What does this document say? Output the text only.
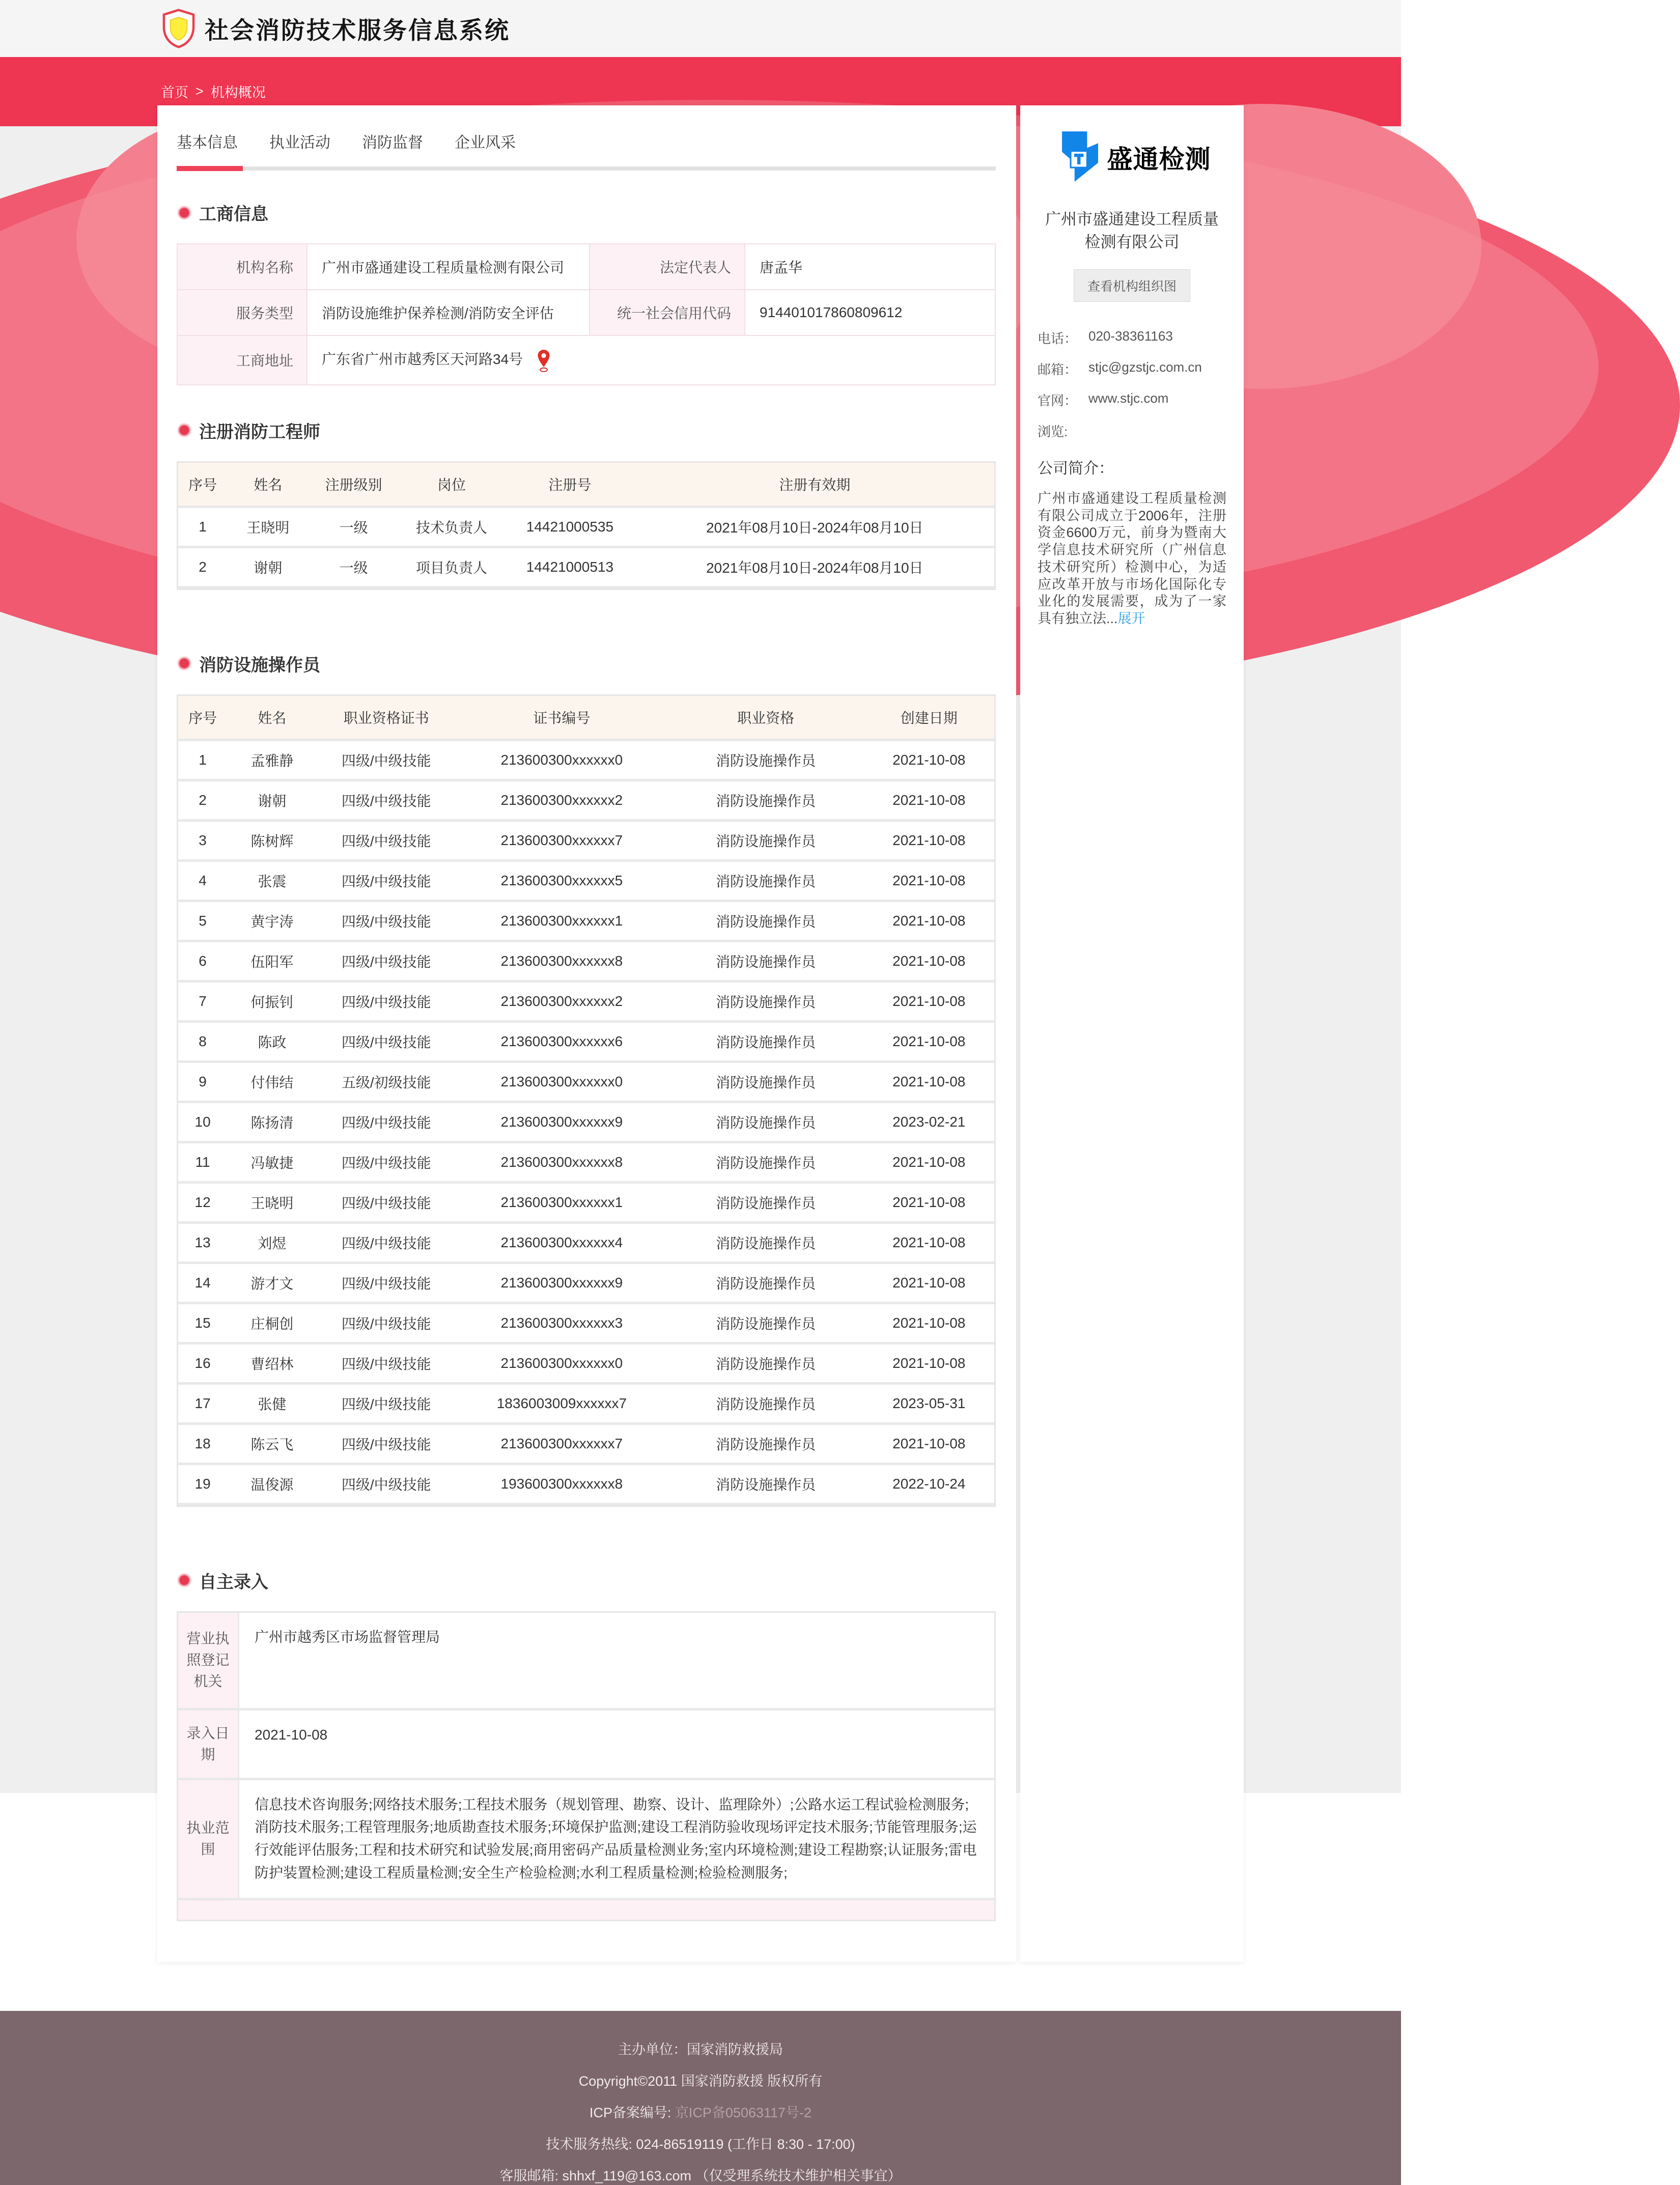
社会消防技术服务信息系统
首页 > 机构概况
基本信息 执业活动 消防监督 企业风采
工商信息
机构名称	广州市盛通建设工程质量检测有限公司	法定代表人	唐孟华
服务类型	消防设施维护保养检测/消防安全评估	统一社会信用代码	914401017860809612
工商地址	广东省广州市越秀区天河路34号		
注册消防工程师
序号	姓名	注册级别	岗位	注册号	注册有效期
1	王晓明	一级	技术负责人	14421000535	2021年08月10日-2024年08月10日
2	谢朝	一级	项目负责人	14421000513	2021年08月10日-2024年08月10日
消防设施操作员
序号	姓名	职业资格证书	证书编号	职业资格	创建日期
1	孟雅静	四级/中级技能	213600300xxxxxx0	消防设施操作员	2021-10-08
2	谢朝	四级/中级技能	213600300xxxxxx2	消防设施操作员	2021-10-08
3	陈树辉	四级/中级技能	213600300xxxxxx7	消防设施操作员	2021-10-08
4	张震	四级/中级技能	213600300xxxxxx5	消防设施操作员	2021-10-08
5	黄宇涛	四级/中级技能	213600300xxxxxx1	消防设施操作员	2021-10-08
6	伍阳军	四级/中级技能	213600300xxxxxx8	消防设施操作员	2021-10-08
7	何振钊	四级/中级技能	213600300xxxxxx2	消防设施操作员	2021-10-08
8	陈政	四级/中级技能	213600300xxxxxx6	消防设施操作员	2021-10-08
9	付伟结	五级/初级技能	213600300xxxxxx0	消防设施操作员	2021-10-08
10	陈扬清	四级/中级技能	213600300xxxxxx9	消防设施操作员	2023-02-21
11	冯敏捷	四级/中级技能	213600300xxxxxx8	消防设施操作员	2021-10-08
12	王晓明	四级/中级技能	213600300xxxxxx1	消防设施操作员	2021-10-08
13	刘煜	四级/中级技能	213600300xxxxxx4	消防设施操作员	2021-10-08
14	游才文	四级/中级技能	213600300xxxxxx9	消防设施操作员	2021-10-08
15	庄桐创	四级/中级技能	213600300xxxxxx3	消防设施操作员	2021-10-08
16	曹绍林	四级/中级技能	213600300xxxxxx0	消防设施操作员	2021-10-08
17	张健	四级/中级技能	1836003009xxxxxx7	消防设施操作员	2023-05-31
18	陈云飞	四级/中级技能	213600300xxxxxx7	消防设施操作员	2021-10-08
19	温俊源	四级/中级技能	193600300xxxxxx8	消防设施操作员	2022-10-24
自主录入
营业执照登记机关	广州市越秀区市场监督管理局
录入日期	2021-10-08
执业范围	信息技术咨询服务;网络技术服务;工程技术服务（规划管理、勘察、设计、监理除外）;公路水运工程试验检测服务;消防技术服务;工程管理服务;地质勘查技术服务;环境保护监测;建设工程消防验收现场评定技术服务;节能管理服务;运行效能评估服务;工程和技术研究和试验发展;商用密码产品质量检测业务;室内环境检测;建设工程勘察;认证服务;雷电防护装置检测;建设工程质量检测;安全生产检验检测;水利工程质量检测;检验检测服务;

盛通检测
广州市盛通建设工程质量检测有限公司
查看机构组织图
电话： 020-38361163
邮箱： stjc@gzstjc.com.cn
官网： www.stjc.com
浏览:
公司简介：

广州市盛通建设工程质量检测有限公司成立于2006年，注册资金6600万元，前身为暨南大学信息技术研究所（广州信息技术研究所）检测中心，为适应改革开放与市场化国际化专业化的发展需要，成为了一家具有独立法...展开

主办单位：国家消防救援局

Copyright©2011 国家消防救援 版权所有

ICP备案编号: 京ICP备05063117号-2

技术服务热线: 024-86519119 (工作日 8:30 - 17:00)

客服邮箱: shhxf_119@163.com （仅受理系统技术维护相关事宜）
